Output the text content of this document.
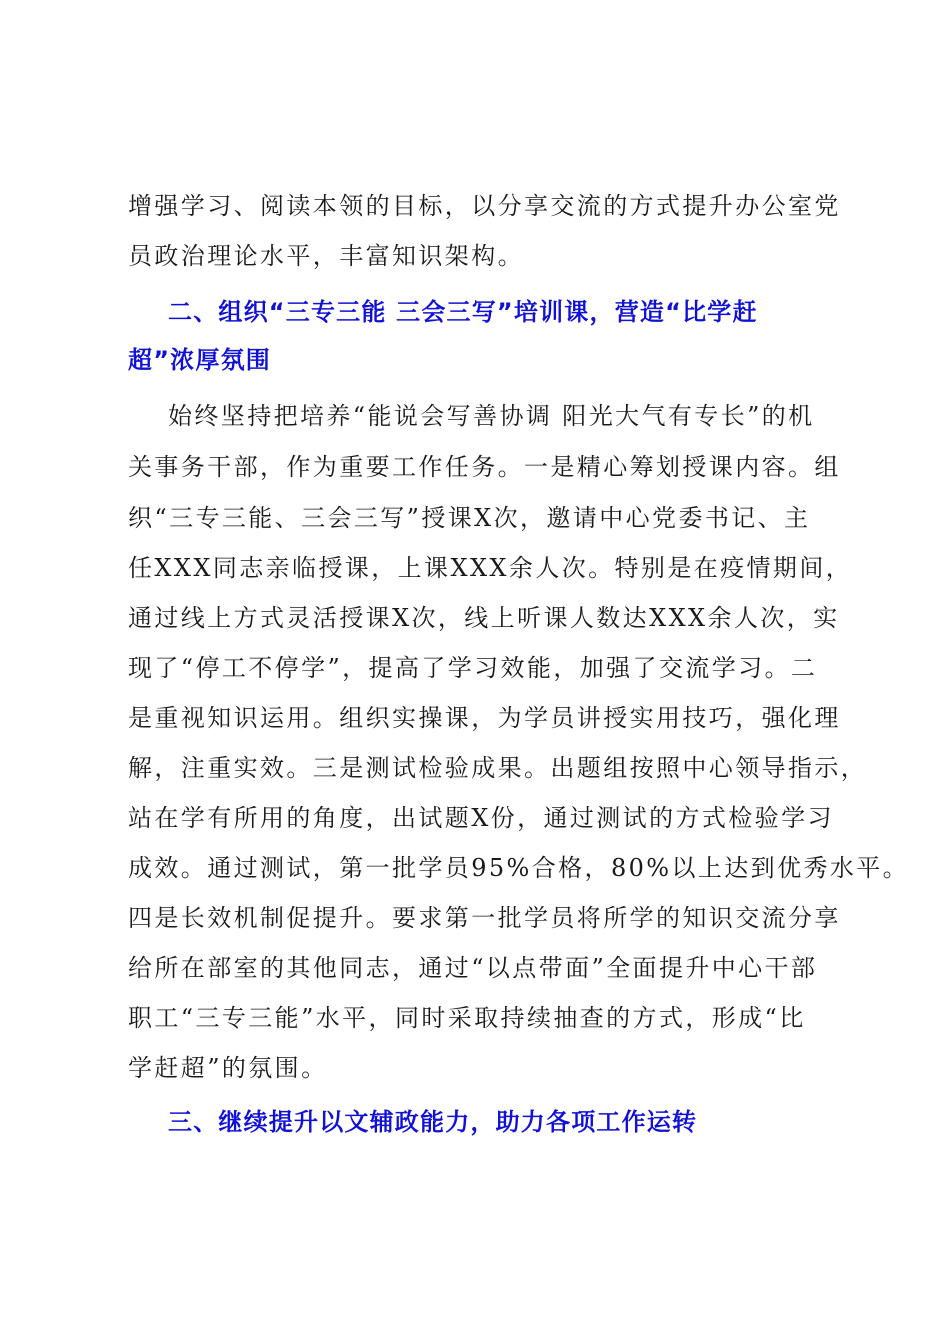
增强学习、阅读本领的目标，以分享交流的方式提升办公室党
员政治理论水平，丰富知识架构。
二、组织“三专三能 三会三写”培训课，营造“比学赶
超”浓厚氛围
始终坚持把培养“能说会写善协调 阳光大气有专长”的机
关事务干部，作为重要工作任务。一是精心筹划授课内容。组
织“三专三能、三会三写”授课X次，邀请中心党委书记、主
任XXX同志亲临授课，上课XXX余人次。特别是在疫情期间，
通过线上方式灵活授课X次，线上听课人数达XXX余人次，实
现了“停工不停学”，提高了学习效能，加强了交流学习。二
是重视知识运用。组织实操课，为学员讲授实用技巧，强化理
解，注重实效。三是测试检验成果。出题组按照中心领导指示，
站在学有所用的角度，出试题X份，通过测试的方式检验学习
成效。通过测试，第一批学员95%合格，80%以上达到优秀水平。
四是长效机制促提升。要求第一批学员将所学的知识交流分享
给所在部室的其他同志，通过“以点带面”全面提升中心干部
职工“三专三能”水平，同时采取持续抽查的方式，形成“比
学赶超”的氛围。
三、继续提升以文辅政能力，助力各项工作运转
